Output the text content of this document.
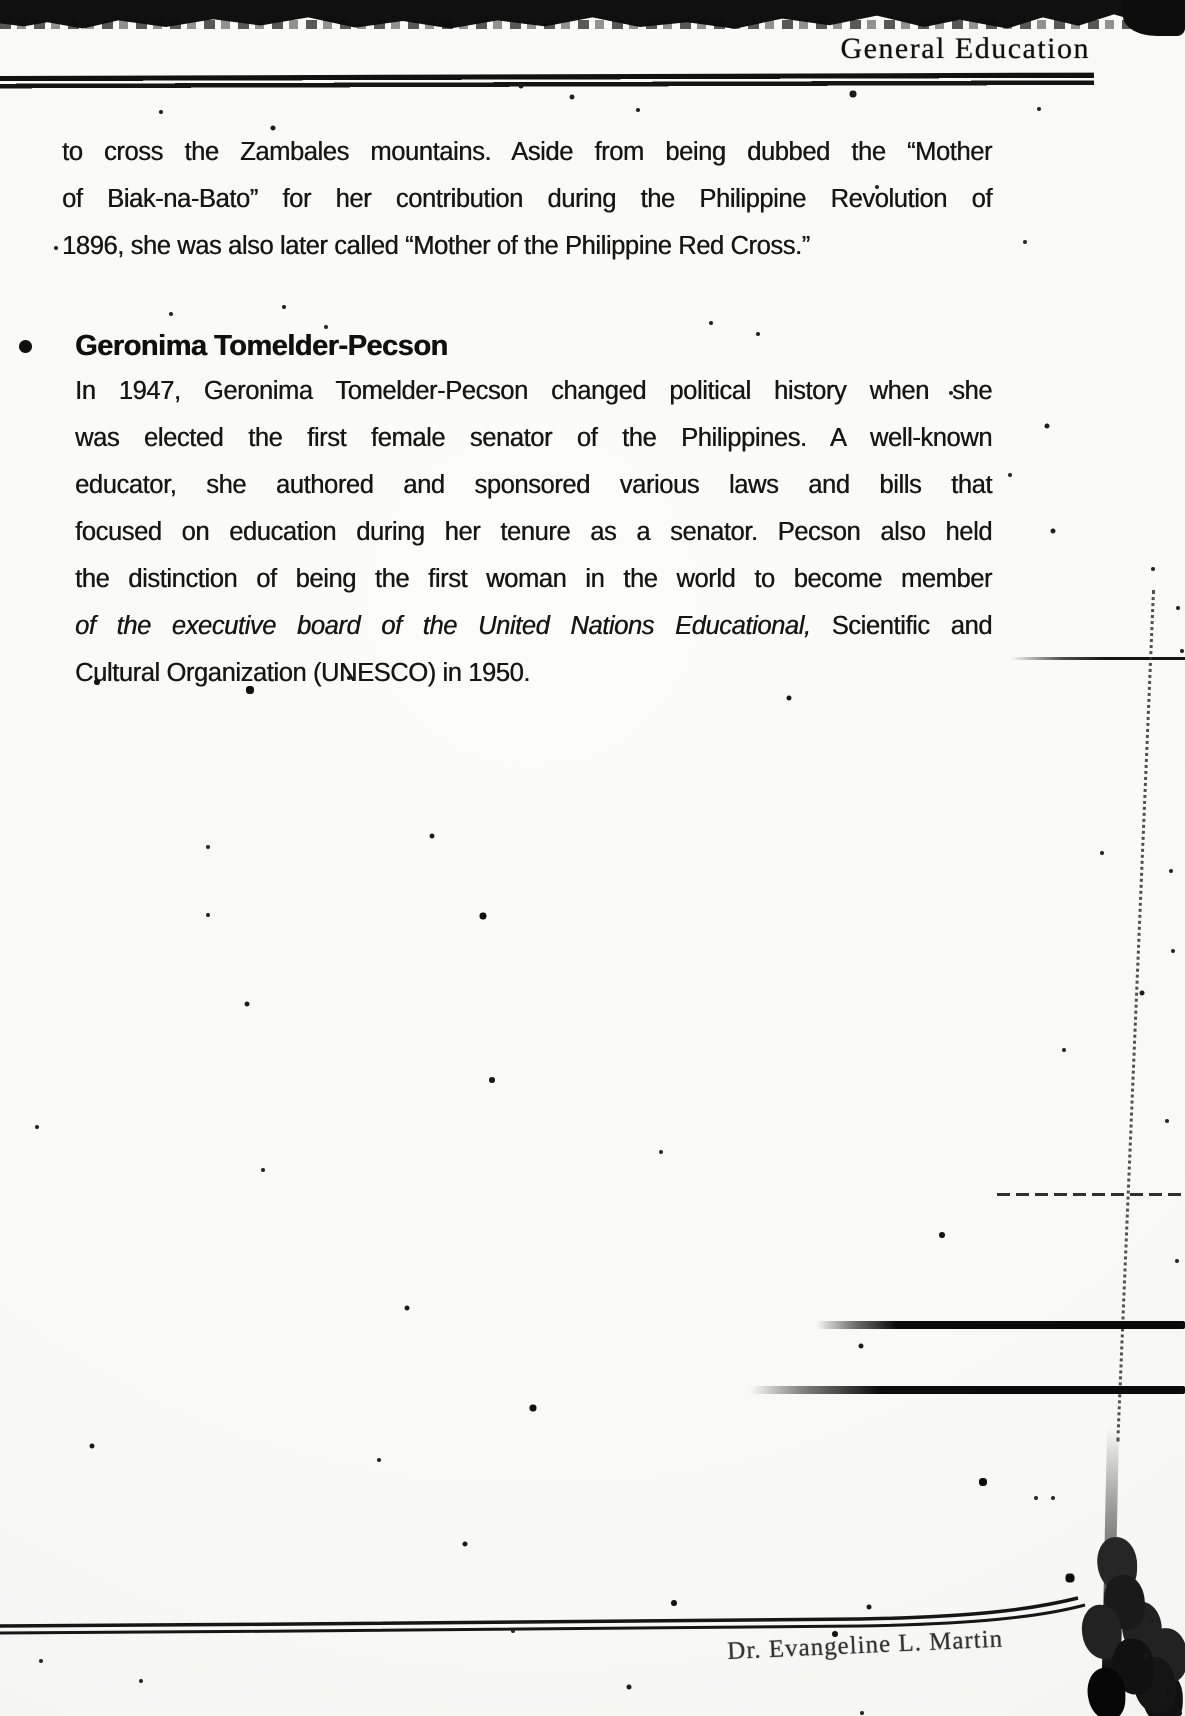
General Education
to cross the Zambales mountains. Aside from being dubbed the “Mother
of Biak-na-Bato” for her contribution during the Philippine Revolution of
1896, she was also later called “Mother of the Philippine Red Cross.”
Geronima Tomelder-Pecson
In 1947, Geronima Tomelder-Pecson changed political history when she
was elected the first female senator of the Philippines. A well-known
educator, she authored and sponsored various laws and bills that
focused on education during her tenure as a senator. Pecson also held
the distinction of being the first woman in the world to become member
of the executive board of the United Nations Educational, Scientific and
Cultural Organization (UNESCO) in 1950.
Dr. Evangeline L. Martin
